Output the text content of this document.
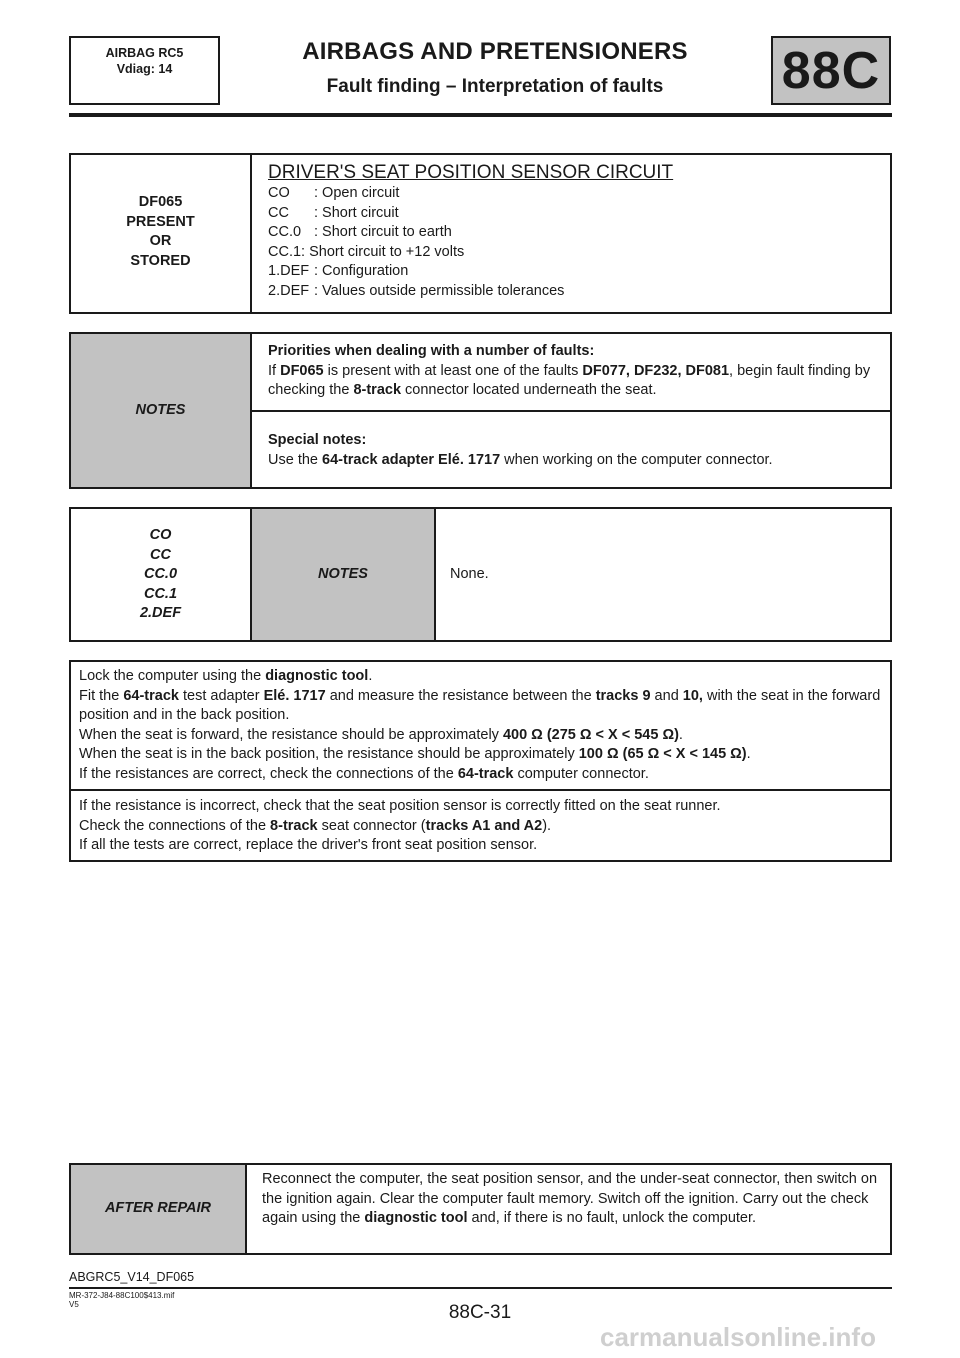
AIRBAG RC5
Vdiag: 14
AIRBAGS AND PRETENSIONERS
Fault finding – Interpretation of faults	88C
DF065
PRESENT
OR
STORED
DRIVER'S SEAT POSITION SENSOR CIRCUIT
CO	: Open circuit
CC	: Short circuit
CC.0 : Short circuit to earth
CC.1:
Short circuit to +12 volts
1.DEF : Configuration
2.DEF : Values outside permissible tolerances
NOTES
Priorities when dealing with a number of faults:
If DF065 is present with at least one of the faults DF077, DF232, DF081, begin fault finding by checking the 8-track connector located underneath the seat.
Special notes:
Use the 64-track adapter Elé. 1717 when working on the computer connector.
CO
CC
CC.0
CC.1
2.DEF
NOTES	None.
Lock the computer using the diagnostic tool.
Fit the 64-track test adapter Elé. 1717 and measure the resistance between the tracks 9 and 10, with the seat in the forward position and in the back position.
When the seat is forward, the resistance should be approximately 400 Ω (275 Ω < X < 545 Ω).
When the seat is in the back position, the resistance should be approximately 100 Ω (65 Ω < X < 145 Ω).
If the resistances are correct, check the connections of the 64-track computer connector.
If the resistance is incorrect, check that the seat position sensor is correctly fitted on the seat runner.
Check the connections of the 8-track seat connector (tracks A1 and A2).
If all the tests are correct, replace the driver's front seat position sensor.
AFTER REPAIR
Reconnect the computer, the seat position sensor, and the under-seat connector, then switch on the ignition again. Clear the computer fault memory. Switch off the ignition. Carry out the check again using the diagnostic tool and, if there is no fault, unlock the computer.
ABGRC5_V14_DF065
MR-372-J84-88C100$413.mif
V5	88C-31
carmanualsonline.info
